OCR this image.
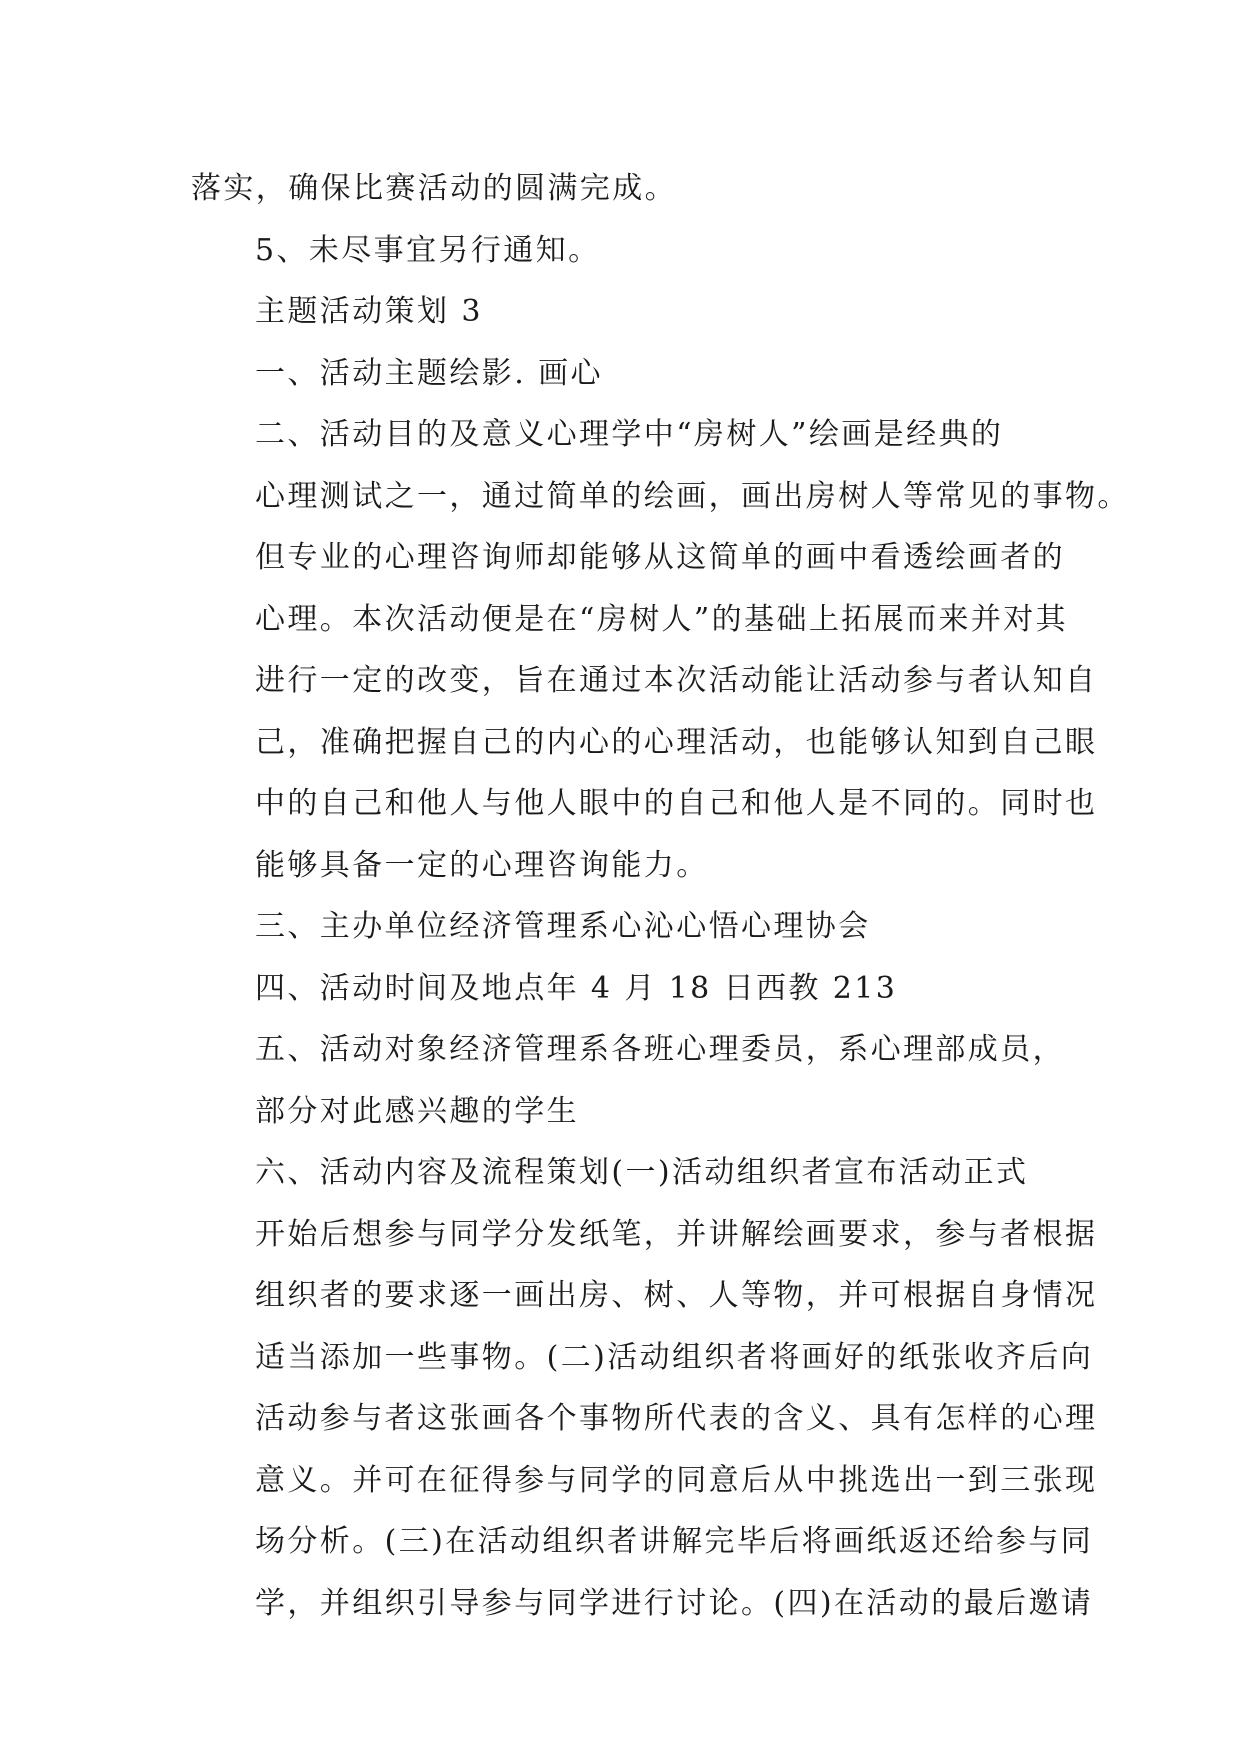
落实，确保比赛活动的圆满完成。

5、未尽事宜另行通知。

主题活动策划 3

一、活动主题绘影. 画心

二、活动目的及意义心理学中“房树人”绘画是经典的
心理测试之一，通过简单的绘画，画出房树人等常见的事物。
但专业的心理咨询师却能够从这简单的画中看透绘画者的
心理。本次活动便是在“房树人”的基础上拓展而来并对其
进行一定的改变，旨在通过本次活动能让活动参与者认知自
己，准确把握自己的内心的心理活动，也能够认知到自己眼
中的自己和他人与他人眼中的自己和他人是不同的。同时也
能够具备一定的心理咨询能力。

三、主办单位经济管理系心沁心悟心理协会

四、活动时间及地点年 4 月 18 日西教 213

五、活动对象经济管理系各班心理委员，系心理部成员，
部分对此感兴趣的学生

六、活动内容及流程策划(一)活动组织者宣布活动正式
开始后想参与同学分发纸笔，并讲解绘画要求，参与者根据
组织者的要求逐一画出房、树、人等物，并可根据自身情况
适当添加一些事物。(二)活动组织者将画好的纸张收齐后向
活动参与者这张画各个事物所代表的含义、具有怎样的心理
意义。并可在征得参与同学的同意后从中挑选出一到三张现
场分析。(三)在活动组织者讲解完毕后将画纸返还给参与同
学，并组织引导参与同学进行讨论。(四)在活动的最后邀请
